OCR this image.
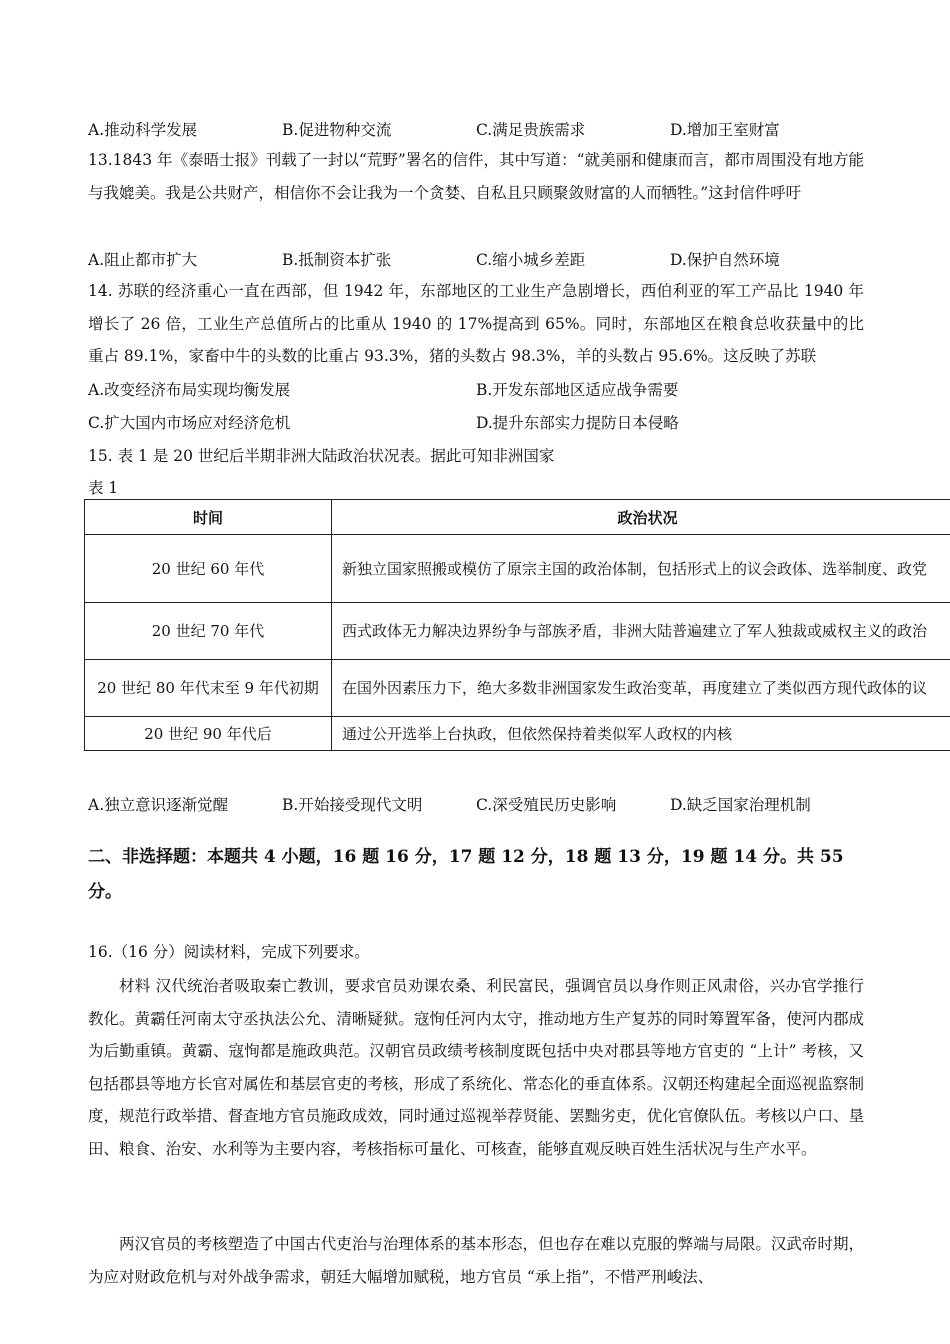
A.推动科学发展	B.促进物种交流	C.满足贵族需求	D.增加王室财富
13.1843 年《泰晤士报》刊载了一封以“荒野”署名的信件，其中写道：“就美丽和健康而言，都市周围没有地方能与我媲美。我是公共财产，相信你不会让我为一个贪婪、自私且只顾聚敛财富的人而牺牲。”这封信件呼吁
A.阻止都市扩大	B.抵制资本扩张	C.缩小城乡差距	D.保护自然环境
14. 苏联的经济重心一直在西部，但 1942 年，东部地区的工业生产急剧增长，西伯利亚的军工产品比 1940 年增长了 26 倍，工业生产总值所占的比重从 1940 的 17%提高到 65%。同时，东部地区在粮食总收获量中的比重占 89.1%，家畜中牛的头数的比重占 93.3%，猪的头数占 98.3%，羊的头数占 95.6%。这反映了苏联
A.改变经济布局实现均衡发展	B.开发东部地区适应战争需要
C.扩大国内市场应对经济危机	D.提升东部实力提防日本侵略
15. 表 1 是 20 世纪后半期非洲大陆政治状况表。据此可知非洲国家
表 1
时间	政治状况
20 世纪 60 年代	新独立国家照搬或模仿了原宗主国的政治体制，包括形式上的议会政体、选举制度、政党
20 世纪 70 年代	西式政体无力解决边界纷争与部族矛盾，非洲大陆普遍建立了军人独裁或威权主义的政治
20 世纪 80 年代末至 9 年代初期	在国外因素压力下，绝大多数非洲国家发生政治变革，再度建立了类似西方现代政体的议
20 世纪 90 年代后	通过公开选举上台执政，但依然保持着类似军人政权的内核
A.独立意识逐渐觉醒	B.开始接受现代文明	C.深受殖民历史影响	D.缺乏国家治理机制
二、非选择题：本题共 4 小题，16 题 16 分，17 题 12 分，18 题 13 分，19 题 14 分。共 55 分。
16.（16 分）阅读材料，完成下列要求。
材料 汉代统治者吸取秦亡教训，要求官员劝课农桑、利民富民，强调官员以身作则正风肃俗，兴办官学推行教化。黄霸任河南太守丞执法公允、清晰疑狱。寇恂任河内太守，推动地方生产复苏的同时筹置军备，使河内郡成为后勤重镇。黄霸、寇恂都是施政典范。汉朝官员政绩考核制度既包括中央对郡县等地方官吏的 “上计” 考核，又包括郡县等地方长官对属佐和基层官吏的考核，形成了系统化、常态化的垂直体系。汉朝还构建起全面巡视监察制度，规范行政举措、督查地方官员施政成效，同时通过巡视举荐贤能、罢黜劣吏，优化官僚队伍。考核以户口、垦田、粮食、治安、水利等为主要内容，考核指标可量化、可核查，能够直观反映百姓生活状况与生产水平。
两汉官员的考核塑造了中国古代吏治与治理体系的基本形态，但也存在难以克服的弊端与局限。汉武帝时期，为应对财政危机与对外战争需求，朝廷大幅增加赋税，地方官员 “承上指”，不惜严刑峻法、
